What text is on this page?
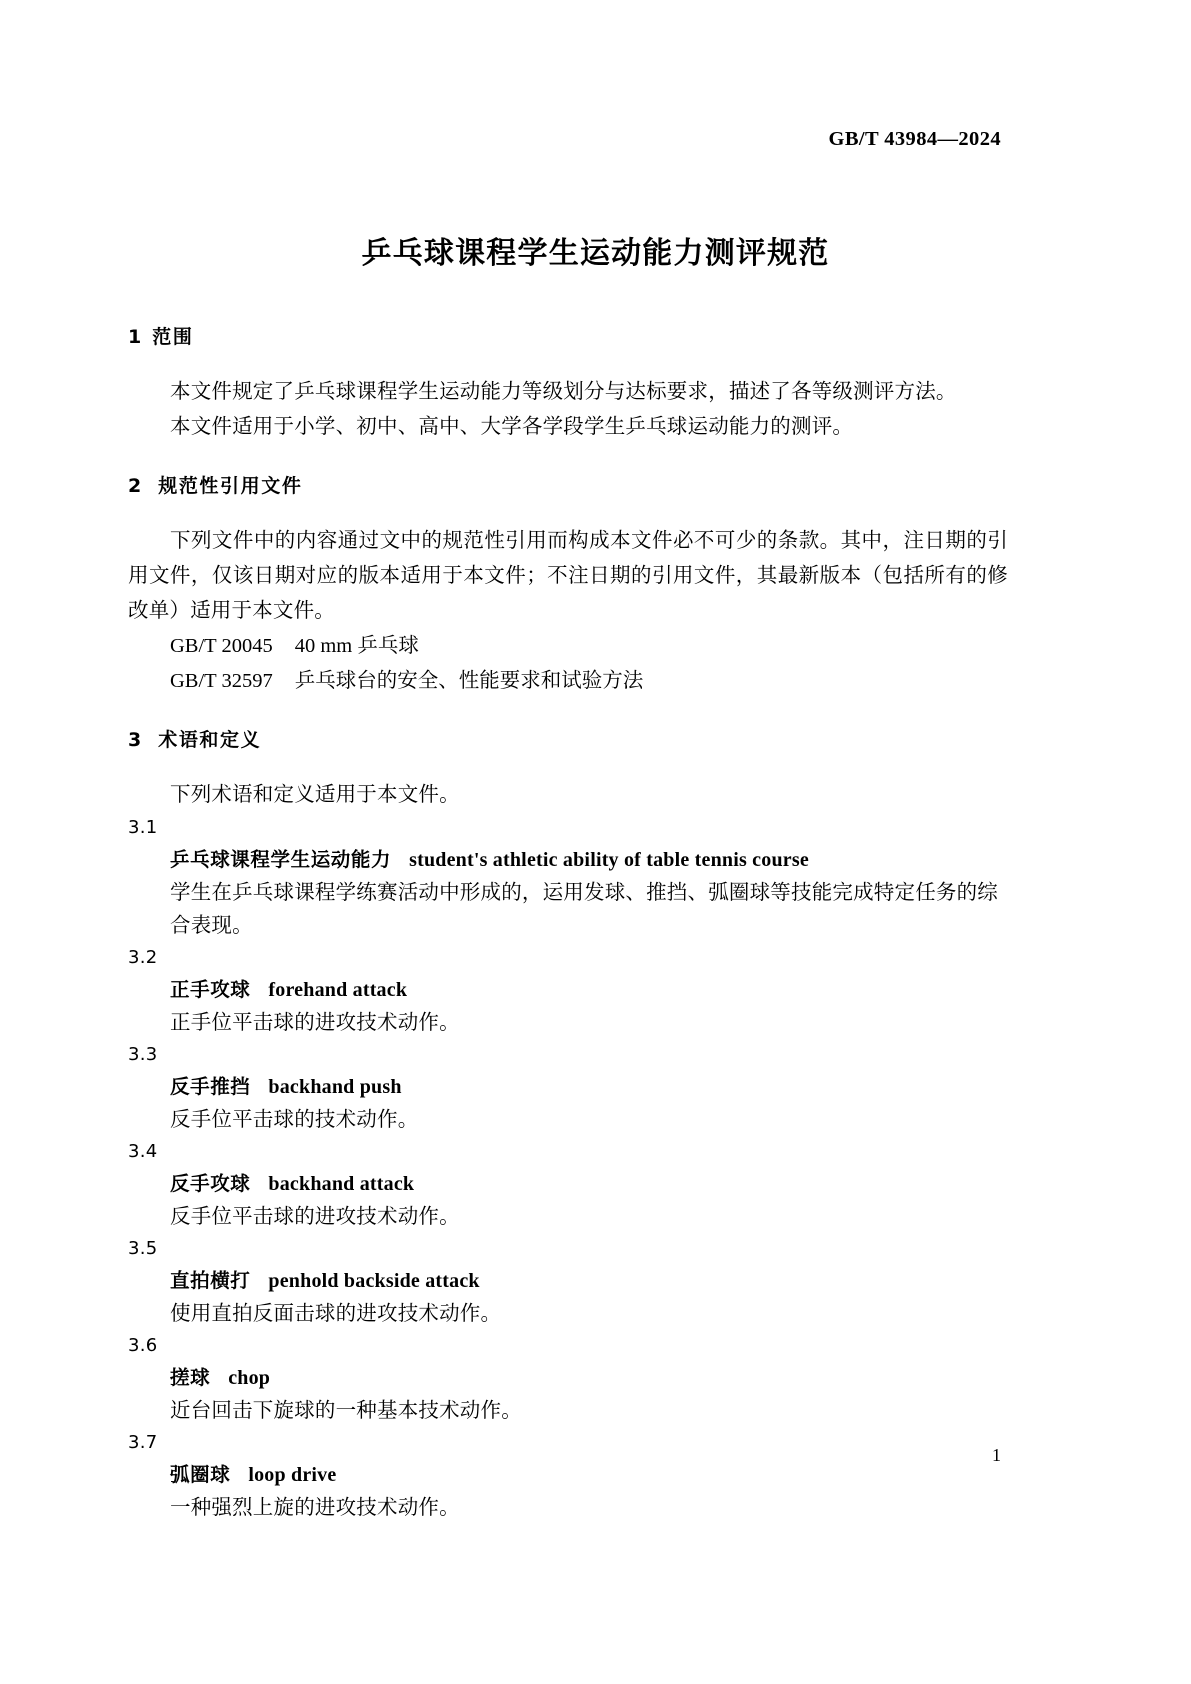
GB/T 43984—2024
乒乓球课程学生运动能力测评规范
1 范围

本文件规定了乒乓球课程学生运动能力等级划分与达标要求，描述了各等级测评方法。

本文件适用于小学、初中、高中、大学各学段学生乒乓球运动能力的测评。

2 规范性引用文件

下列文件中的内容通过文中的规范性引用而构成本文件必不可少的条款。其中，注日期的引用文件，仅该日期对应的版本适用于本文件；不注日期的引用文件，其最新版本（包括所有的修改单）适用于本文件。

GB/T 20045 40 mm 乒乓球

GB/T 32597 乒乓球台的安全、性能要求和试验方法

3 术语和定义

下列术语和定义适用于本文件。

3.1

乒乓球课程学生运动能力 student's athletic ability of table tennis course

学生在乒乓球课程学练赛活动中形成的，运用发球、推挡、弧圈球等技能完成特定任务的综合表现。

3.2

正手攻球 forehand attack

正手位平击球的进攻技术动作。

3.3

反手推挡 backhand push

反手位平击球的技术动作。

3.4

反手攻球 backhand attack

反手位平击球的进攻技术动作。

3.5

直拍横打 penhold backside attack

使用直拍反面击球的进攻技术动作。

3.6

搓球 chop

近台回击下旋球的一种基本技术动作。

3.7

弧圈球 loop drive

一种强烈上旋的进攻技术动作。

1
